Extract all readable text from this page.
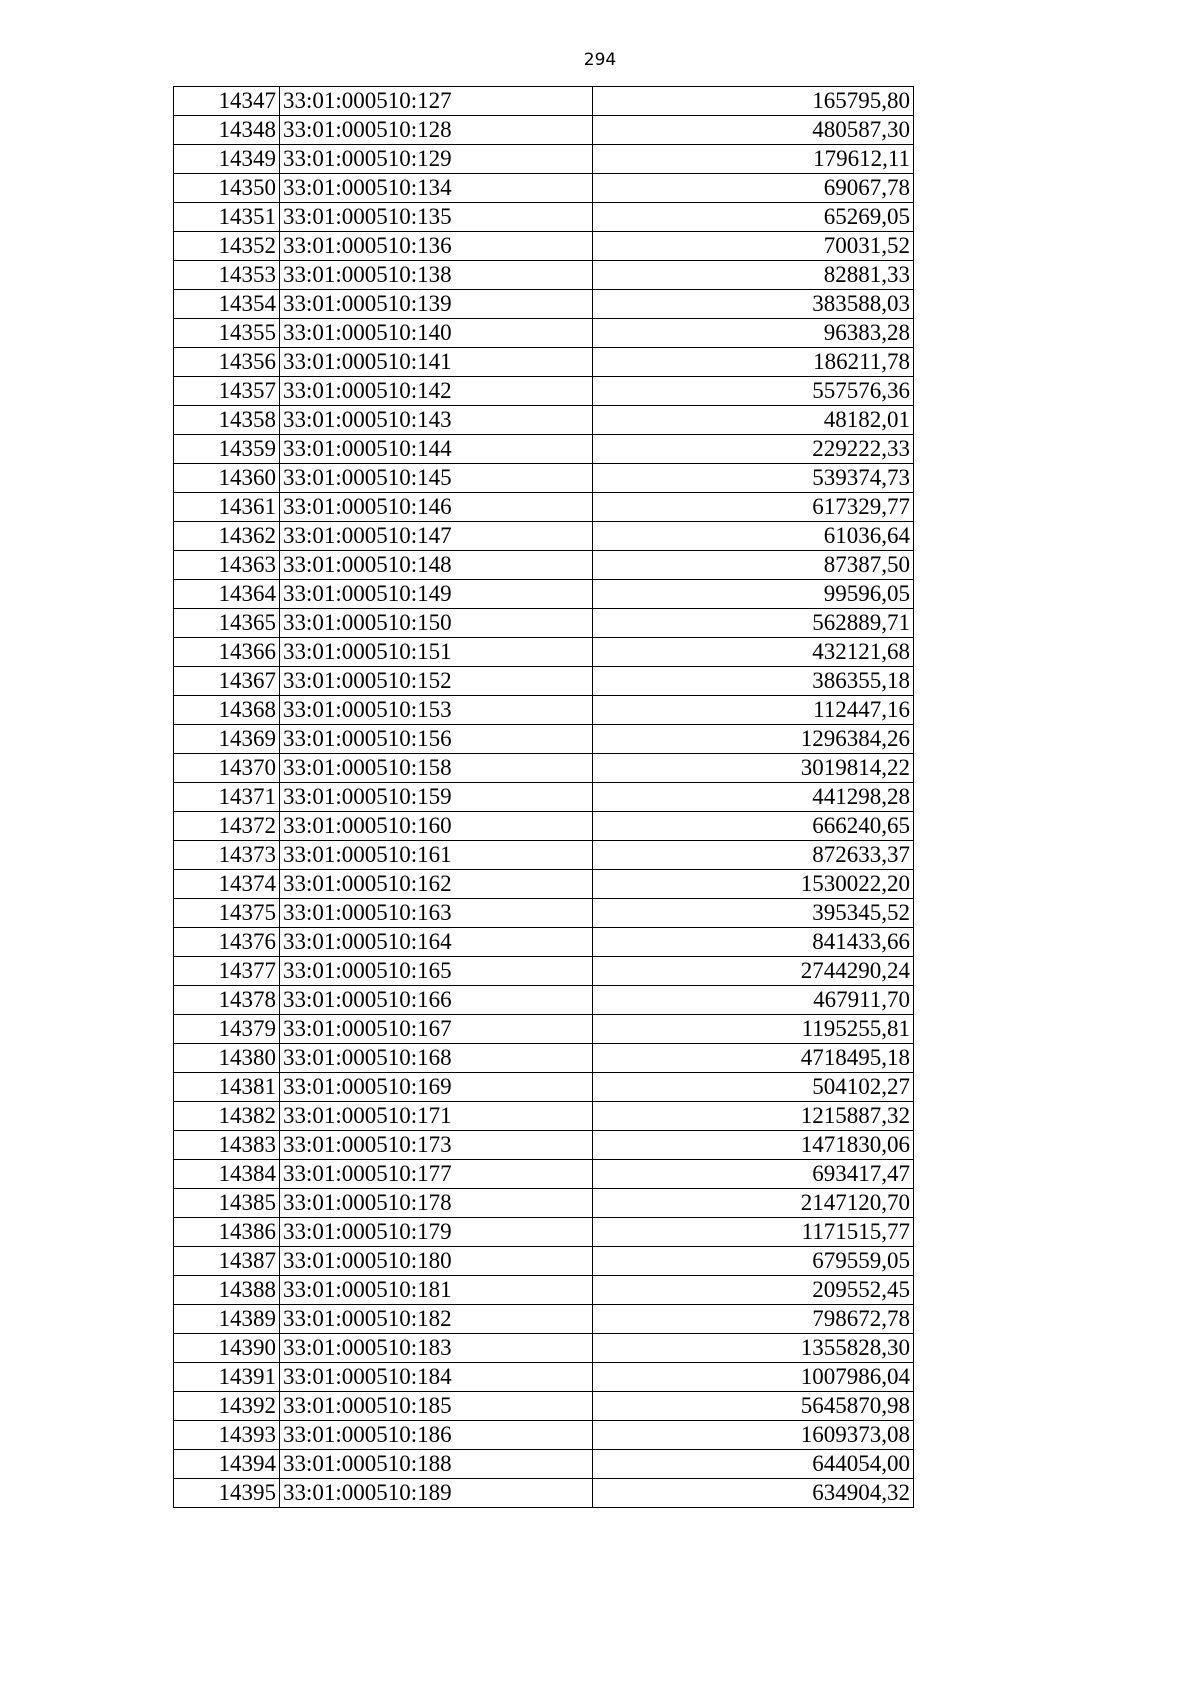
294
14347	33:01:000510:127	165795,80
14348	33:01:000510:128	480587,30
14349	33:01:000510:129	179612,11
14350	33:01:000510:134	69067,78
14351	33:01:000510:135	65269,05
14352	33:01:000510:136	70031,52
14353	33:01:000510:138	82881,33
14354	33:01:000510:139	383588,03
14355	33:01:000510:140	96383,28
14356	33:01:000510:141	186211,78
14357	33:01:000510:142	557576,36
14358	33:01:000510:143	48182,01
14359	33:01:000510:144	229222,33
14360	33:01:000510:145	539374,73
14361	33:01:000510:146	617329,77
14362	33:01:000510:147	61036,64
14363	33:01:000510:148	87387,50
14364	33:01:000510:149	99596,05
14365	33:01:000510:150	562889,71
14366	33:01:000510:151	432121,68
14367	33:01:000510:152	386355,18
14368	33:01:000510:153	112447,16
14369	33:01:000510:156	1296384,26
14370	33:01:000510:158	3019814,22
14371	33:01:000510:159	441298,28
14372	33:01:000510:160	666240,65
14373	33:01:000510:161	872633,37
14374	33:01:000510:162	1530022,20
14375	33:01:000510:163	395345,52
14376	33:01:000510:164	841433,66
14377	33:01:000510:165	2744290,24
14378	33:01:000510:166	467911,70
14379	33:01:000510:167	1195255,81
14380	33:01:000510:168	4718495,18
14381	33:01:000510:169	504102,27
14382	33:01:000510:171	1215887,32
14383	33:01:000510:173	1471830,06
14384	33:01:000510:177	693417,47
14385	33:01:000510:178	2147120,70
14386	33:01:000510:179	1171515,77
14387	33:01:000510:180	679559,05
14388	33:01:000510:181	209552,45
14389	33:01:000510:182	798672,78
14390	33:01:000510:183	1355828,30
14391	33:01:000510:184	1007986,04
14392	33:01:000510:185	5645870,98
14393	33:01:000510:186	1609373,08
14394	33:01:000510:188	644054,00
14395	33:01:000510:189	634904,32
